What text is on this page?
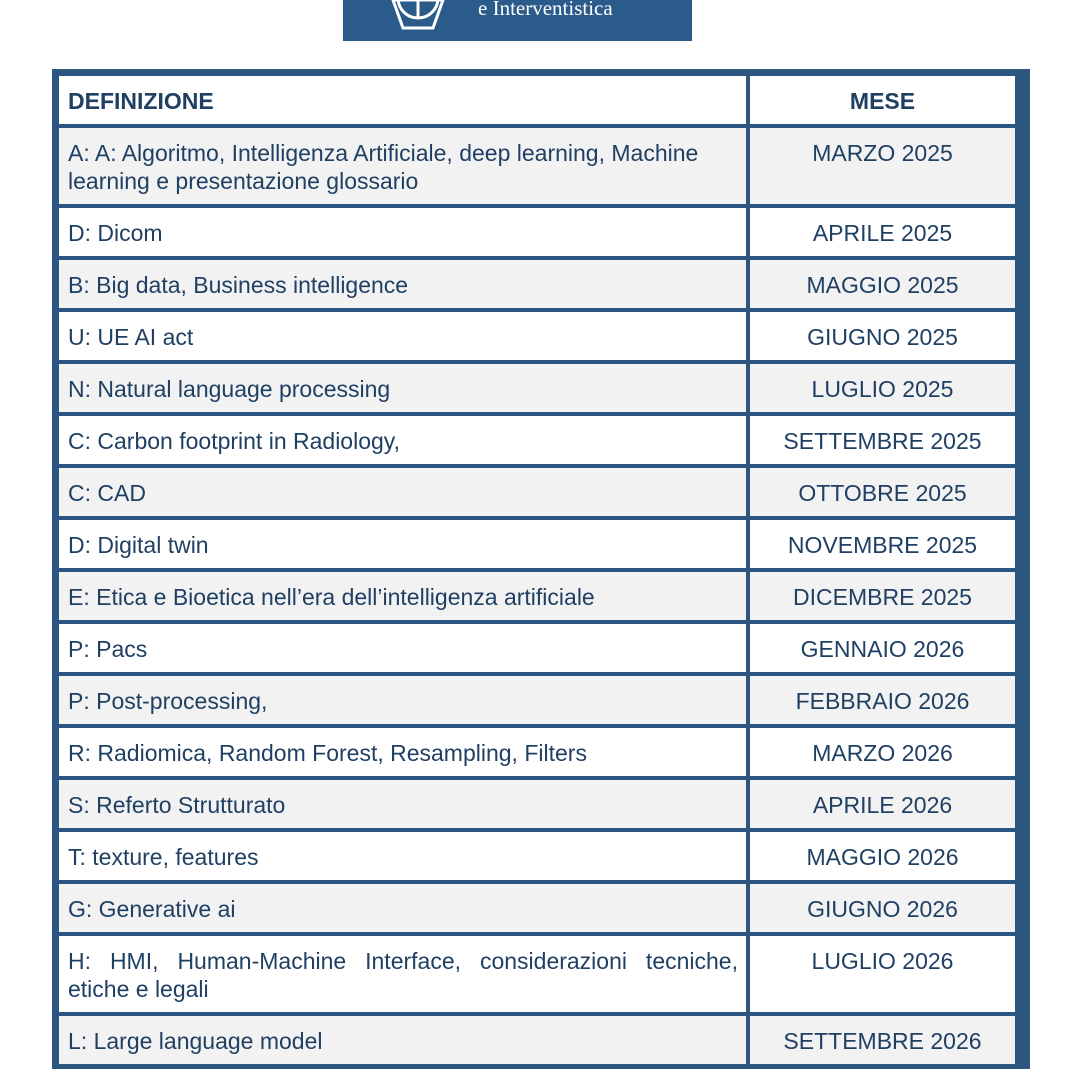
e Interventistica
DEFINIZIONE	MESE
A: A: Algoritmo, Intelligenza Artificiale, deep learning, Machine learning e presentazione glossario	MARZO 2025
D: Dicom	APRILE 2025
B: Big data, Business intelligence	MAGGIO 2025
U: UE AI act	GIUGNO 2025
N: Natural language processing	LUGLIO 2025
C: Carbon footprint in Radiology,	SETTEMBRE 2025
C: CAD	OTTOBRE 2025
D: Digital twin	NOVEMBRE 2025
E: Etica e Bioetica nell’era dell’intelligenza artificiale	DICEMBRE 2025
P: Pacs	GENNAIO 2026
P: Post-processing,	FEBBRAIO 2026
R: Radiomica, Random Forest, Resampling, Filters	MARZO 2026
S: Referto Strutturato	APRILE 2026
T: texture, features	MAGGIO 2026
G: Generative ai	GIUGNO 2026
H: HMI, Human-Machine Interface, considerazioni tecniche, etiche e legali	LUGLIO 2026
L: Large language model	SETTEMBRE 2026
